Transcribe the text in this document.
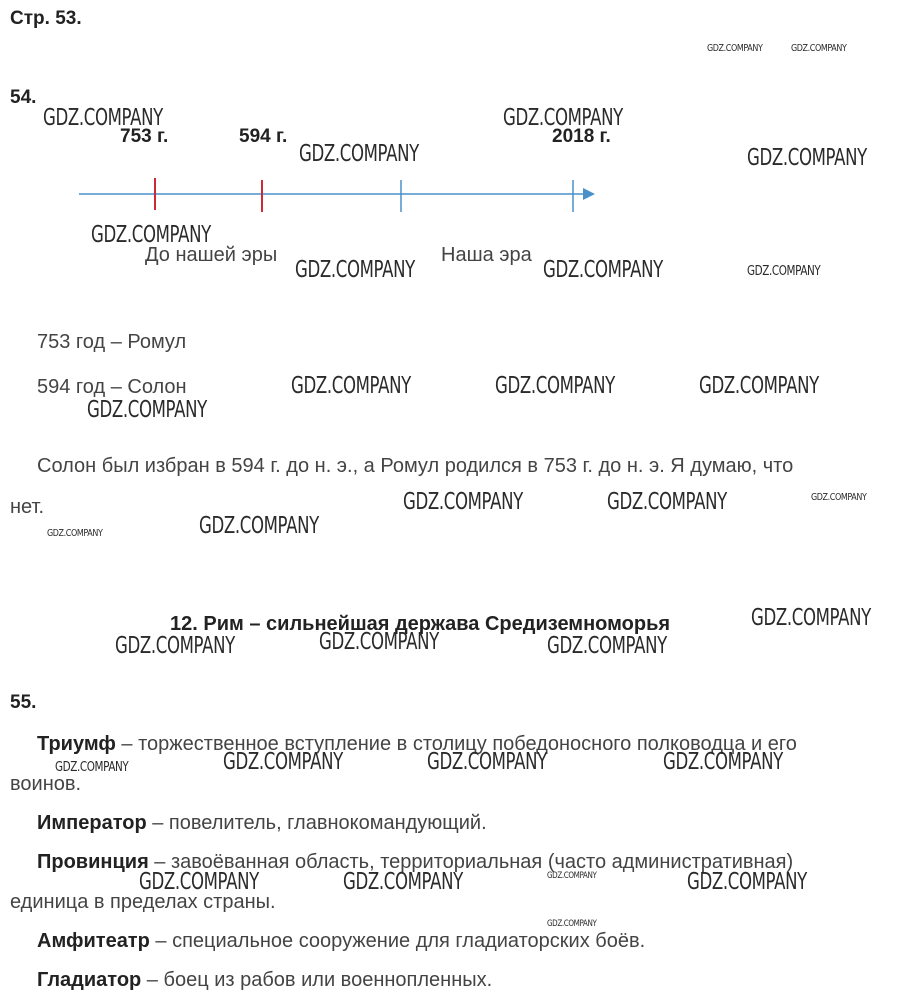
Стр. 53.
54.
753 г.	594 г.	2018 г.
До нашей эры	Наша эра
753 год – Ромул
594 год – Солон
Солон был избран в 594 г. до н. э., а Ромул родился в 753 г. до н. э. Я думаю, что
нет.
12. Рим – сильнейшая держава Средиземноморья
55.
Триумф – торжественное вступление в столицу победоносного полководца и его
воинов.
Император – повелитель, главнокомандующий.
Провинция – завоёванная область, территориальная (часто административная)
единица в пределах страны.
Амфитеатр – специальное сооружение для гладиаторских боёв.
Гладиатор – боец из рабов или военнопленных.
GDZ.COMPANY	GDZ.COMPANY
GDZ.COMPANY	GDZ.COMPANY
GDZ.COMPANY	GDZ.COMPANY
GDZ.COMPANY
GDZ.COMPANY	GDZ.COMPANY	GDZ.COMPANY
GDZ.COMPANY	GDZ.COMPANY	GDZ.COMPANY
GDZ.COMPANY
GDZ.COMPANY	GDZ.COMPANY	GDZ.COMPANY
GDZ.COMPANY
GDZ.COMPANY
GDZ.COMPANY
GDZ.COMPANY
GDZ.COMPANY	GDZ.COMPANY
GDZ.COMPANY	GDZ.COMPANY	GDZ.COMPANY
GDZ.COMPANY
GDZ.COMPANY	GDZ.COMPANY	GDZ.COMPANY	GDZ.COMPANY
GDZ.COMPANY
